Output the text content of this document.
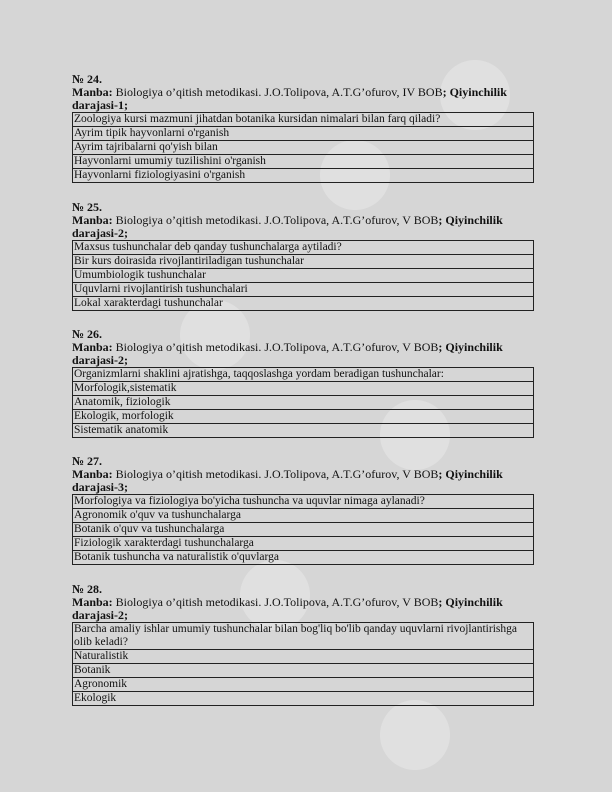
№ 24.
Manba: Biologiya o’qitish metodikasi. J.O.Tolipova, A.T.G’ofurov, IV BOB; Qiyinchilik darajasi-1;
Zoologiya kursi mazmuni jihatdan botanika kursidan nimalari bilan farq qiladi?
Ayrim tipik hayvonlarni o'rganish
Ayrim tajribalarni qo'yish bilan
Hayvonlarni umumiy tuzilishini o'rganish
Hayvonlarni fiziologiyasini o'rganish
№ 25.
Manba: Biologiya o’qitish metodikasi. J.O.Tolipova, A.T.G’ofurov, V BOB; Qiyinchilik darajasi-2;
Maxsus tushunchalar deb qanday tushunchalarga aytiladi?
Bir kurs doirasida rivojlantiriladigan tushunchalar
Umumbiologik tushunchalar
Uquvlarni rivojlantirish tushunchalari
Lokal xarakterdagi tushunchalar
№ 26.
Manba: Biologiya o’qitish metodikasi. J.O.Tolipova, A.T.G’ofurov, V BOB; Qiyinchilik darajasi-2;
Organizmlarni shaklini ajratishga, taqqoslashga yordam beradigan tushunchalar:
Morfologik,sistematik
Anatomik, fiziologik
Ekologik, morfologik
Sistematik anatomik
№ 27.
Manba: Biologiya o’qitish metodikasi. J.O.Tolipova, A.T.G’ofurov, V BOB; Qiyinchilik darajasi-3;
Morfologiya va fiziologiya bo'yicha tushuncha va uquvlar nimaga aylanadi?
Agronomik o'quv va tushunchalarga
Botanik o'quv va tushunchalarga
Fiziologik xarakterdagi tushunchalarga
Botanik tushuncha va naturalistik o'quvlarga
№ 28.
Manba: Biologiya o’qitish metodikasi. J.O.Tolipova, A.T.G’ofurov, V BOB; Qiyinchilik darajasi-2;
Barcha amaliy ishlar umumiy tushunchalar bilan bog'liq bo'lib qanday uquvlarni rivojlantirishga olib keladi?
Naturalistik
Botanik
Agronomik
Ekologik
